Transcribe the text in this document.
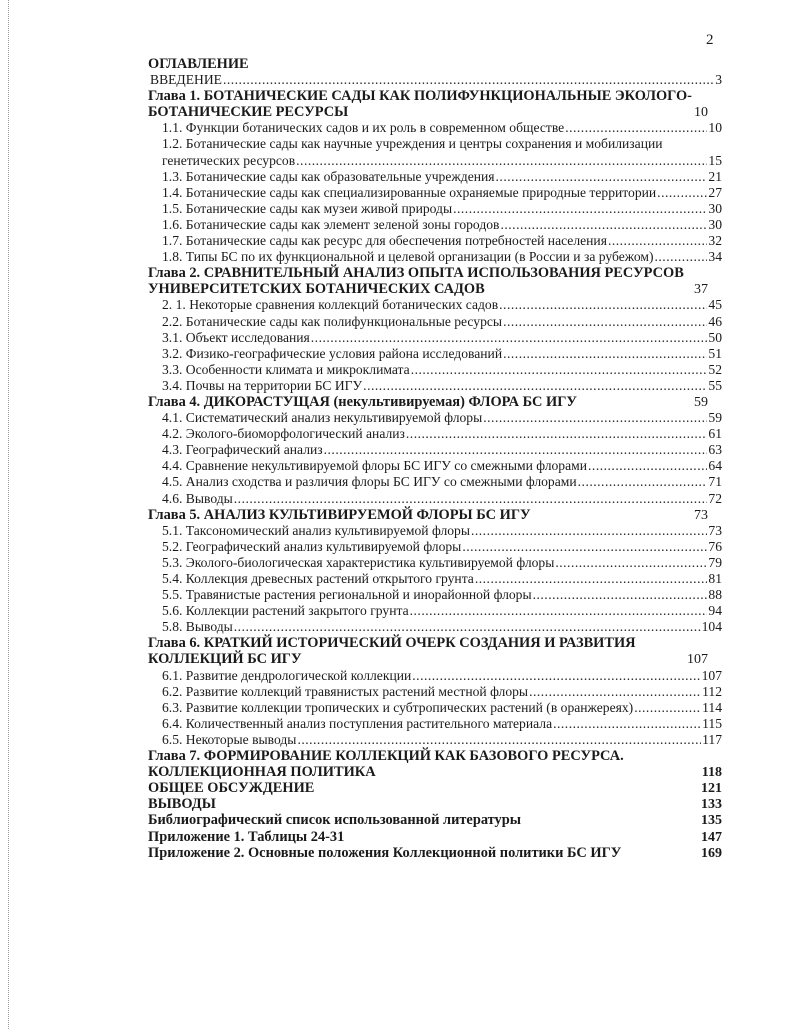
2
ОГЛАВЛЕНИЕ
ВВЕДЕНИЕ .....	3
Глава 1. БОТАНИЧЕСКИЕ САДЫ КАК ПОЛИФУНКЦИОНАЛЬНЫЕ ЭКОЛОГО-
БОТАНИЧЕСКИЕ РЕСУРСЫ	10
1.1. Функции ботанических садов и их роль в современном обществе .....	10
1.2. Ботанические сады как научные учреждения и центры сохранения и мобилизации
генетических ресурсов .....	15
1.3. Ботанические сады как образовательные учреждения .....	21
1.4. Ботанические сады как специализированные охраняемые природные территории .....	27
1.5. Ботанические сады как музеи живой природы .....	30
1.6. Ботанические сады как элемент зеленой зоны городов .....	30
1.7. Ботанические сады как ресурс для обеспечения потребностей населения .....	32
1.8. Типы БС по их функциональной и целевой организации (в России и за рубежом) .....	34
Глава 2. СРАВНИТЕЛЬНЫЙ АНАЛИЗ ОПЫТА ИСПОЛЬЗОВАНИЯ РЕСУРСОВ
УНИВЕРСИТЕТСКИХ БОТАНИЧЕСКИХ САДОВ	37
2. 1. Некоторые сравнения коллекций ботанических садов .....	45
2.2. Ботанические сады как полифункциональные ресурсы .....	46
3.1. Объект исследования .....	50
3.2. Физико-географические условия района исследований .....	51
3.3. Особенности климата и микроклимата .....	52
3.4. Почвы на территории БС ИГУ .....	55
Глава 4. ДИКОРАСТУЩАЯ (некультивируемая) ФЛОРА БС ИГУ	59
4.1. Систематический анализ некультивируемой флоры .....	59
4.2. Эколого-биоморфологический анализ .....	61
4.3. Географический анализ .....	63
4.4. Сравнение некультивируемой флоры БС ИГУ со смежными флорами .....	64
4.5. Анализ сходства и различия флоры БС ИГУ со смежными флорами .....	71
4.6. Выводы .....	72
Глава 5. АНАЛИЗ КУЛЬТИВИРУЕМОЙ ФЛОРЫ БС ИГУ	73
5.1. Таксономический анализ культивируемой флоры .....	73
5.2. Географический анализ культивируемой флоры .....	76
5.3. Эколого-биологическая характеристика культивируемой флоры .....	79
5.4. Коллекция древесных растений открытого грунта .....	81
5.5. Травянистые растения региональной и инорайонной флоры .....	88
5.6. Коллекции растений закрытого грунта .....	94
5.8. Выводы .....	104
Глава 6. КРАТКИЙ ИСТОРИЧЕСКИЙ ОЧЕРК СОЗДАНИЯ И РАЗВИТИЯ
КОЛЛЕКЦИЙ БС ИГУ	107
6.1. Развитие дендрологической коллекции .....	107
6.2. Развитие коллекций травянистых растений местной флоры .....	112
6.3. Развитие коллекции тропических и субтропических растений (в оранжереях) .....	114
6.4. Количественный анализ поступления растительного материала .....	115
6.5. Некоторые выводы .....	117
Глава 7. ФОРМИРОВАНИЕ КОЛЛЕКЦИЙ КАК БАЗОВОГО РЕСУРСА.
КОЛЛЕКЦИОННАЯ ПОЛИТИКА	118
ОБЩЕЕ ОБСУЖДЕНИЕ	121
ВЫВОДЫ	133
Библиографический список использованной литературы	135
Приложение 1. Таблицы 24-31	147
Приложение 2. Основные положения Коллекционной политики БС ИГУ	169
